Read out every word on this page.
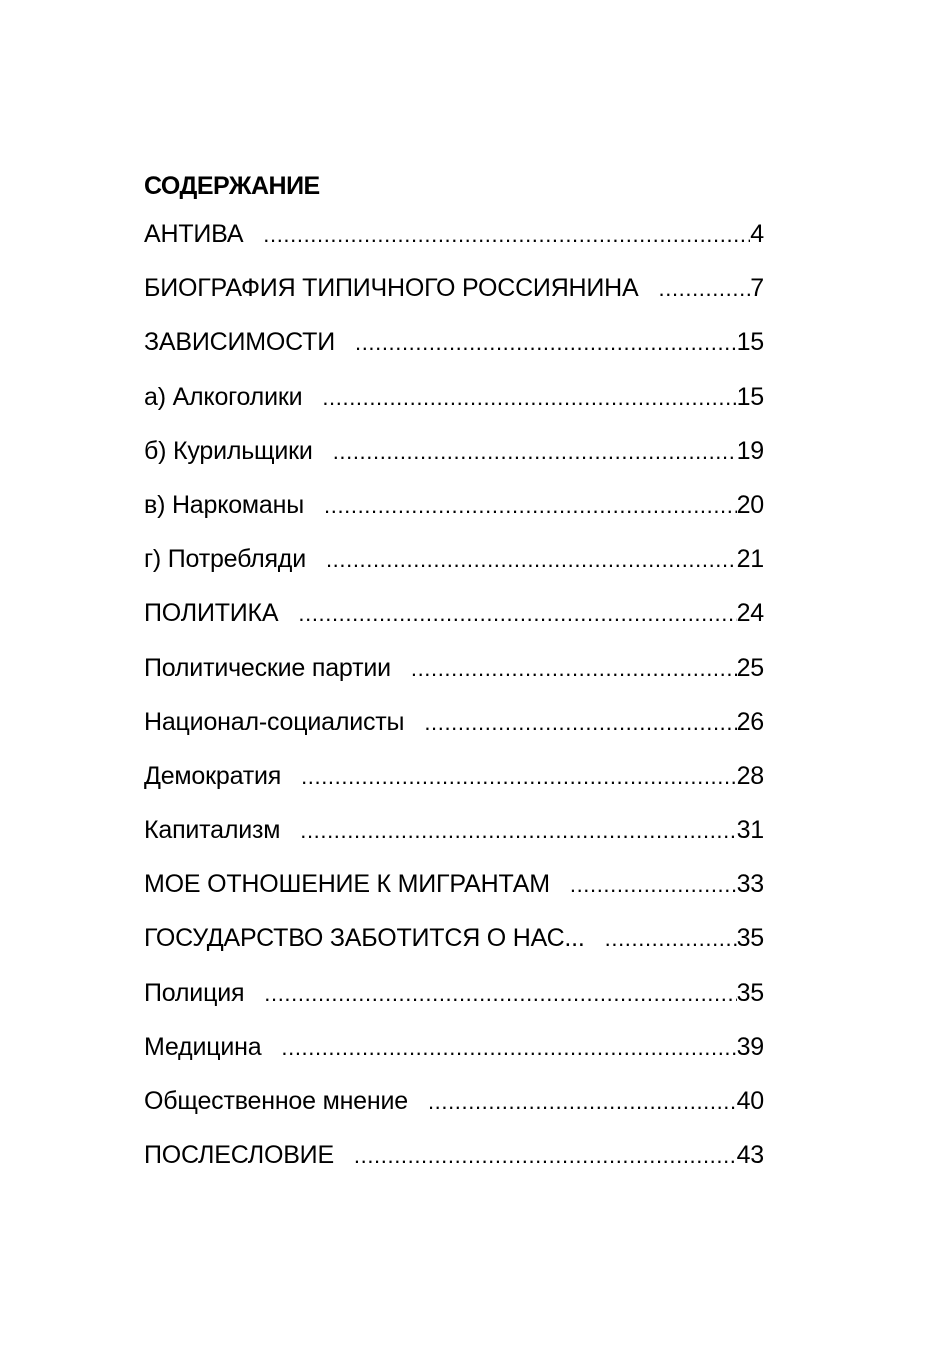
СОДЕРЖАНИЕ
АНТИВА .....	4
БИОГРАФИЯ ТИПИЧНОГО РОССИЯНИНА .....	7
ЗАВИСИМОСТИ .....	15
а) Алкоголики .....	15
б) Курильщики .....	19
в) Наркоманы .....	20
г) Потребляди .....	21
ПОЛИТИКА .....	24
Политические партии .....	25
Национал-социалисты .....	26
Демократия .....	28
Капитализм .....	31
МОЕ ОТНОШЕНИЕ К МИГРАНТАМ .....	33
ГОСУДАРСТВО ЗАБОТИТСЯ О НАС... .....	35
Полиция .....	35
Медицина .....	39
Общественное мнение .....	40
ПОСЛЕСЛОВИЕ .....	43
